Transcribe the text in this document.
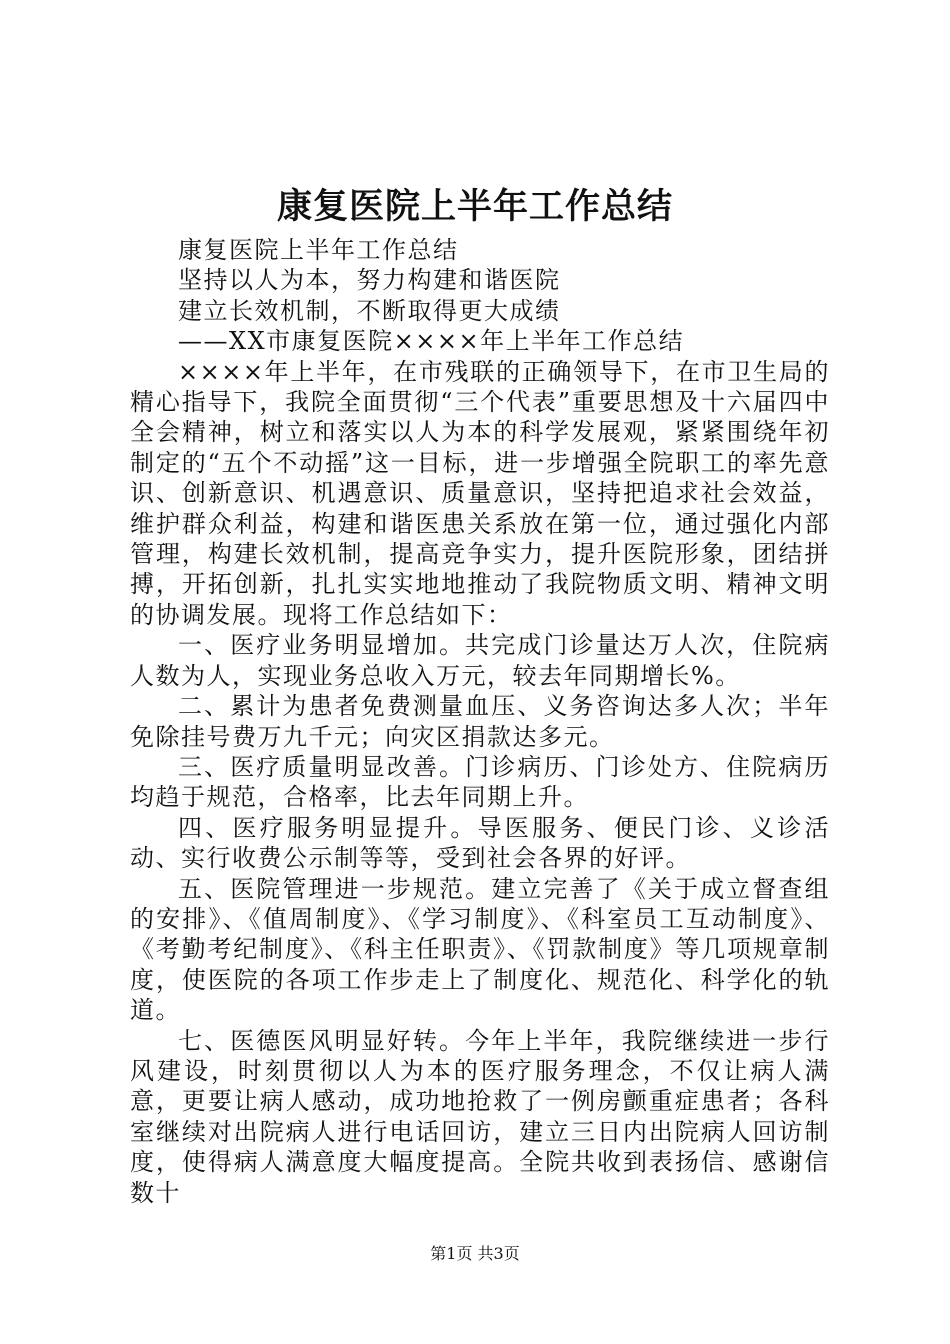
康复医院上半年工作总结

康复医院上半年工作总结

坚持以人为本，努力构建和谐医院

建立长效机制，不断取得更大成绩

——XX市康复医院××××年上半年工作总结

××××年上半年，在市残联的正确领导下，在市卫生局的精心指导下，我院全面贯彻“三个代表”重要思想及十六届四中全会精神，树立和落实以人为本的科学发展观，紧紧围绕年初制定的“五个不动摇”这一目标，进一步增强全院职工的率先意识、创新意识、机遇意识、质量意识，坚持把追求社会效益，维护群众利益，构建和谐医患关系放在第一位，通过强化内部管理，构建长效机制，提高竞争实力，提升医院形象，团结拼搏，开拓创新，扎扎实实地地推动了我院物质文明、精神文明的协调发展。现将工作总结如下：

一、医疗业务明显增加。共完成门诊量达万人次，住院病人数为人，实现业务总收入万元，较去年同期增长%。

二、累计为患者免费测量血压、义务咨询达多人次；半年免除挂号费万九千元；向灾区捐款达多元。

三、医疗质量明显改善。门诊病历、门诊处方、住院病历均趋于规范，合格率，比去年同期上升。

四、医疗服务明显提升。导医服务、便民门诊、义诊活动、实行收费公示制等等，受到社会各界的好评。

五、医院管理进一步规范。建立完善了《关于成立督查组的安排》、《值周制度》、《学习制度》、《科室员工互动制度》、《考勤考纪制度》、《科主任职责》、《罚款制度》等几项规章制度，使医院的各项工作步走上了制度化、规范化、科学化的轨道。

七、医德医风明显好转。今年上半年，我院继续进一步行风建设，时刻贯彻以人为本的医疗服务理念，不仅让病人满意，更要让病人感动，成功地抢救了一例房颤重症患者；各科室继续对出院病人进行电话回访，建立三日内出院病人回访制度，使得病人满意度大幅度提高。全院共收到表扬信、感谢信数十

第1页 共3页
